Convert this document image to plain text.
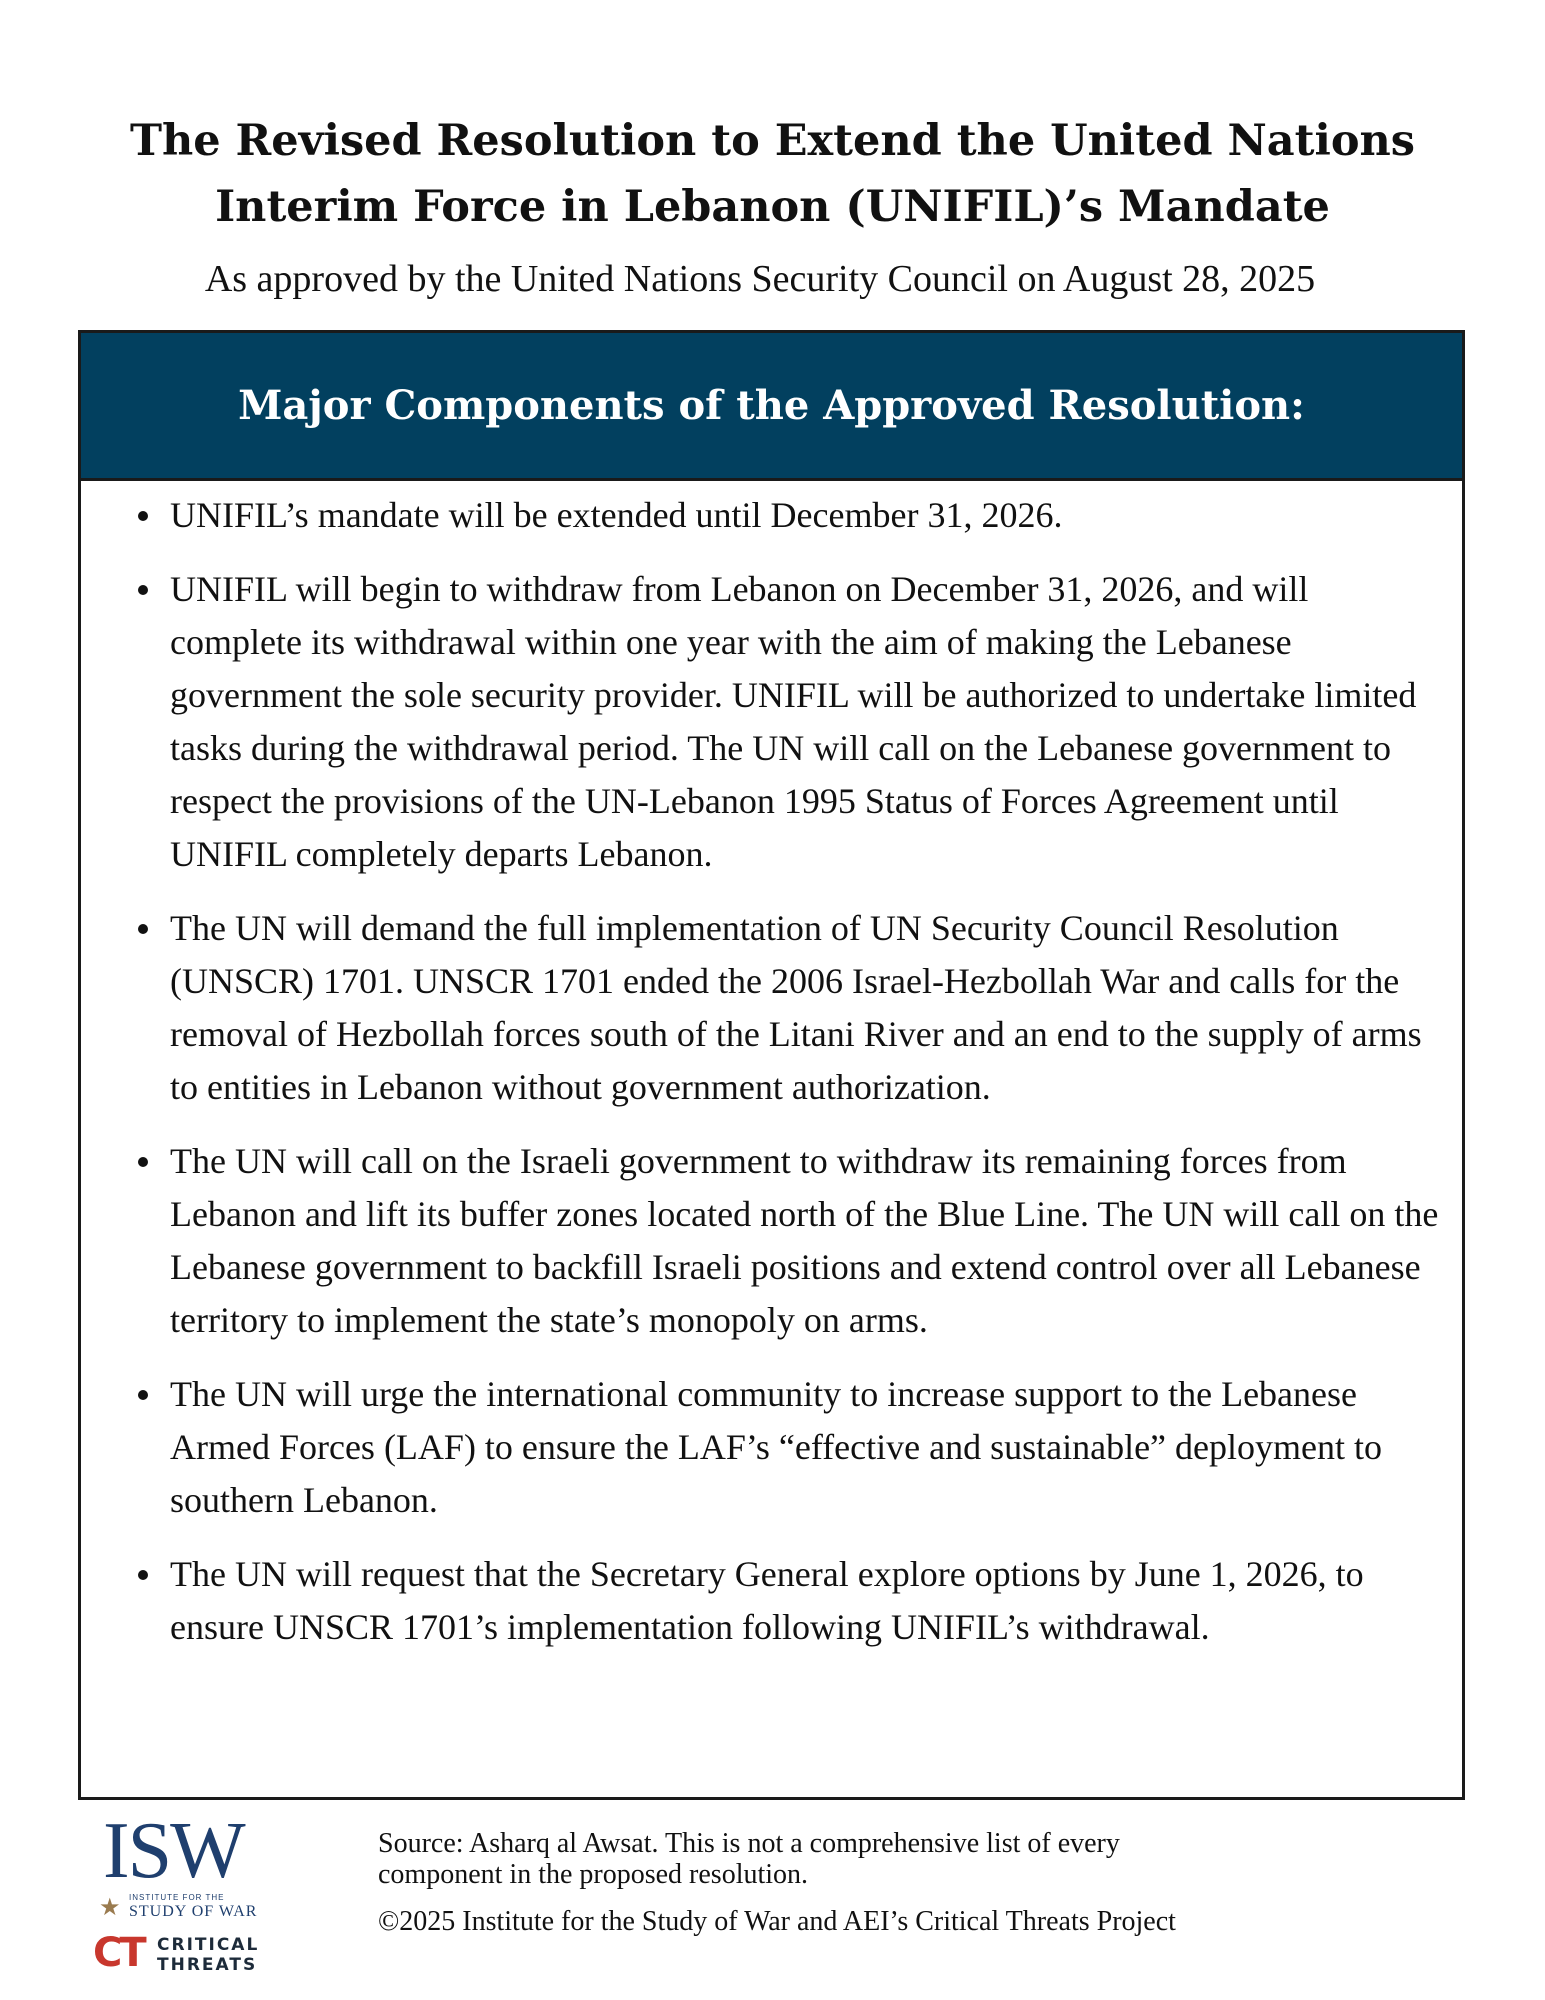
The Revised Resolution to Extend the United Nations
Interim Force in Lebanon (UNIFIL)’s Mandate
As approved by the United Nations Security Council on August 28, 2025
Major Components of the Approved Resolution:
UNIFIL’s mandate will be extended until December 31, 2026.
UNIFIL will begin to withdraw from Lebanon on December 31, 2026, and will complete its withdrawal within one year with the aim of making the Lebanese government the sole security provider. UNIFIL will be authorized to undertake limited tasks during the withdrawal period. The UN will call on the Lebanese government to respect the provisions of the UN-Lebanon 1995 Status of Forces Agreement until UNIFIL completely departs Lebanon.
The UN will demand the full implementation of UN Security Council Resolution (UNSCR) 1701. UNSCR 1701 ended the 2006 Israel-Hezbollah War and calls for the removal of Hezbollah forces south of the Litani River and an end to the supply of arms to entities in Lebanon without government authorization.
The UN will call on the Israeli government to withdraw its remaining forces from Lebanon and lift its buffer zones located north of the Blue Line. The UN will call on the Lebanese government to backfill Israeli positions and extend control over all Lebanese territory to implement the state’s monopoly on arms.
The UN will urge the international community to increase support to the Lebanese Armed Forces (LAF) to ensure the LAF’s “effective and sustainable” deployment to southern Lebanon.
The UN will request that the Secretary General explore options by June 1, 2026, to ensure UNSCR 1701’s implementation following UNIFIL’s withdrawal.
ISW
★ INSTITUTE FOR THE
STUDY OF WAR
CT CRITICAL
THREATS
Source: Asharq al Awsat. This is not a comprehensive list of every
component in the proposed resolution.
©2025 Institute for the Study of War and AEI’s Critical Threats Project
